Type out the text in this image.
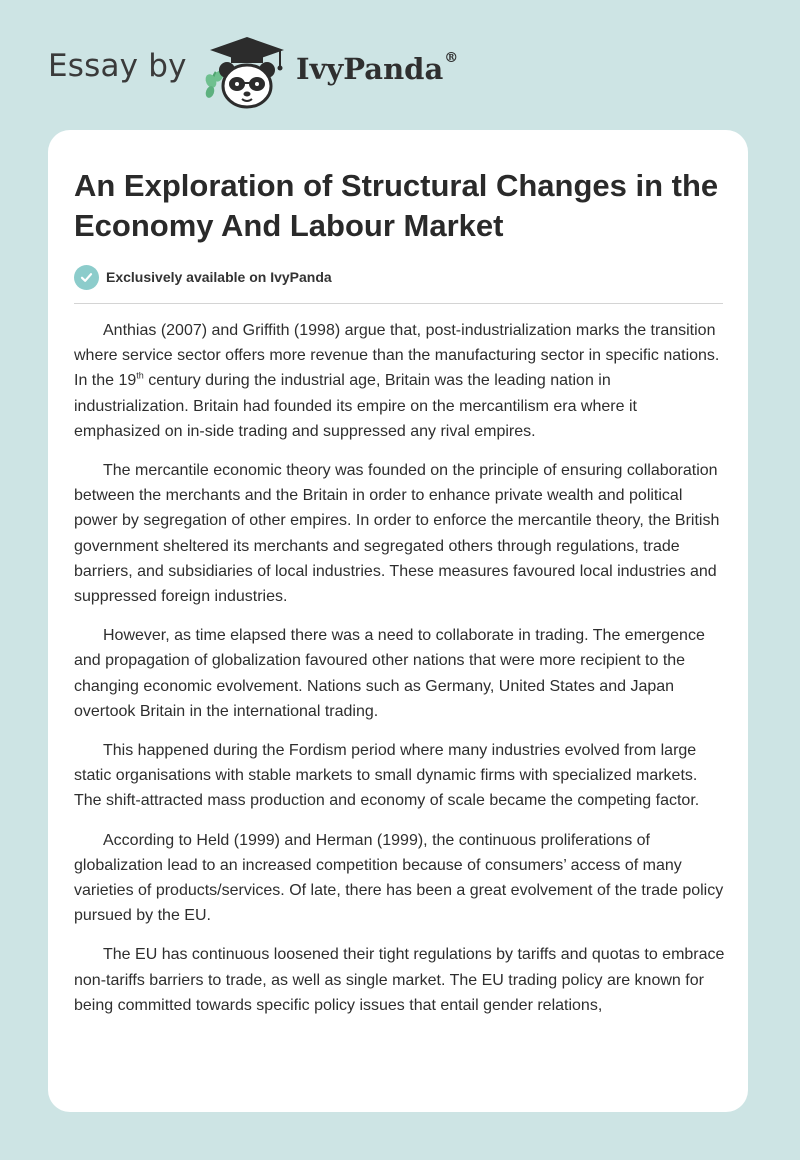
Essay by	IvyPanda®
An Exploration of Structural Changes in the Economy And Labour Market
Exclusively available on IvyPanda

Anthias (2007) and Griffith (1998) argue that, post-industrialization marks the transition where service sector offers more revenue than the manufacturing sector in specific nations. In the 19th century during the industrial age, Britain was the leading nation in industrialization. Britain had founded its empire on the mercantilism era where it emphasized on in-side trading and suppressed any rival empires.

The mercantile economic theory was founded on the principle of ensuring collaboration between the merchants and the Britain in order to enhance private wealth and political power by segregation of other empires. In order to enforce the mercantile theory, the British government sheltered its merchants and segregated others through regulations, trade barriers, and subsidiaries of local industries. These measures favoured local industries and suppressed foreign industries.

However, as time elapsed there was a need to collaborate in trading. The emergence and propagation of globalization favoured other nations that were more recipient to the changing economic evolvement. Nations such as Germany, United States and Japan overtook Britain in the international trading.

This happened during the Fordism period where many industries evolved from large static organisations with stable markets to small dynamic firms with specialized markets. The shift-attracted mass production and economy of scale became the competing factor.

According to Held (1999) and Herman (1999), the continuous proliferations of globalization lead to an increased competition because of consumers’ access of many varieties of products/services. Of late, there has been a great evolvement of the trade policy pursued by the EU.

The EU has continuous loosened their tight regulations by tariffs and quotas to embrace non-tariffs barriers to trade, as well as single market. The EU trading policy are known for being committed towards specific policy issues that entail gender relations,
